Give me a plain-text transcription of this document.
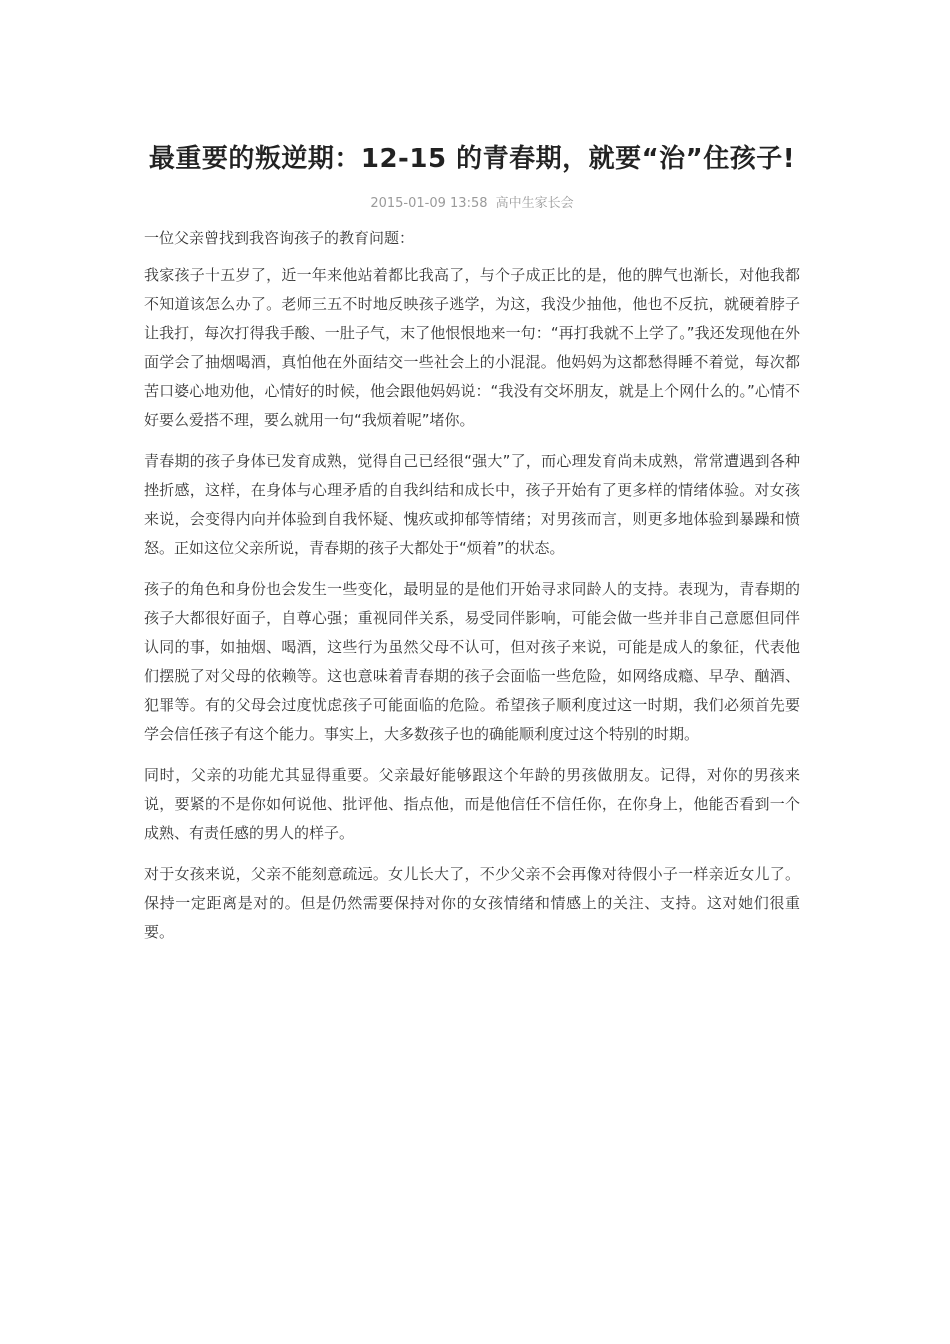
最重要的叛逆期：12-15 的青春期，就要“治”住孩子!
2015-01-09 13:58 高中生家长会

一位父亲曾找到我咨询孩子的教育问题：

我家孩子十五岁了，近一年来他站着都比我高了，与个子成正比的是，他的脾气也渐长，对他我都不知道该怎么办了。老师三五不时地反映孩子逃学，为这，我没少抽他，他也不反抗，就硬着脖子让我打，每次打得我手酸、一肚子气，末了他恨恨地来一句：“再打我就不上学了。”我还发现他在外面学会了抽烟喝酒，真怕他在外面结交一些社会上的小混混。他妈妈为这都愁得睡不着觉，每次都苦口婆心地劝他，心情好的时候，他会跟他妈妈说：“我没有交坏朋友，就是上个网什么的。”心情不好要么爱搭不理，要么就用一句“我烦着呢”堵你。

青春期的孩子身体已发育成熟，觉得自己已经很“强大”了，而心理发育尚未成熟，常常遭遇到各种挫折感，这样，在身体与心理矛盾的自我纠结和成长中，孩子开始有了更多样的情绪体验。对女孩来说，会变得内向并体验到自我怀疑、愧疚或抑郁等情绪；对男孩而言，则更多地体验到暴躁和愤怒。正如这位父亲所说，青春期的孩子大都处于“烦着”的状态。

孩子的角色和身份也会发生一些变化，最明显的是他们开始寻求同龄人的支持。表现为，青春期的孩子大都很好面子，自尊心强；重视同伴关系，易受同伴影响，可能会做一些并非自己意愿但同伴认同的事，如抽烟、喝酒，这些行为虽然父母不认可，但对孩子来说，可能是成人的象征，代表他们摆脱了对父母的依赖等。这也意味着青春期的孩子会面临一些危险，如网络成瘾、早孕、酗酒、犯罪等。有的父母会过度忧虑孩子可能面临的危险。希望孩子顺利度过这一时期，我们必须首先要学会信任孩子有这个能力。事实上，大多数孩子也的确能顺利度过这个特别的时期。

同时，父亲的功能尤其显得重要。父亲最好能够跟这个年龄的男孩做朋友。记得，对你的男孩来说，要紧的不是你如何说他、批评他、指点他，而是他信任不信任你，在你身上，他能否看到一个成熟、有责任感的男人的样子。

对于女孩来说，父亲不能刻意疏远。女儿长大了，不少父亲不会再像对待假小子一样亲近女儿了。保持一定距离是对的。但是仍然需要保持对你的女孩情绪和情感上的关注、支持。这对她们很重要。
